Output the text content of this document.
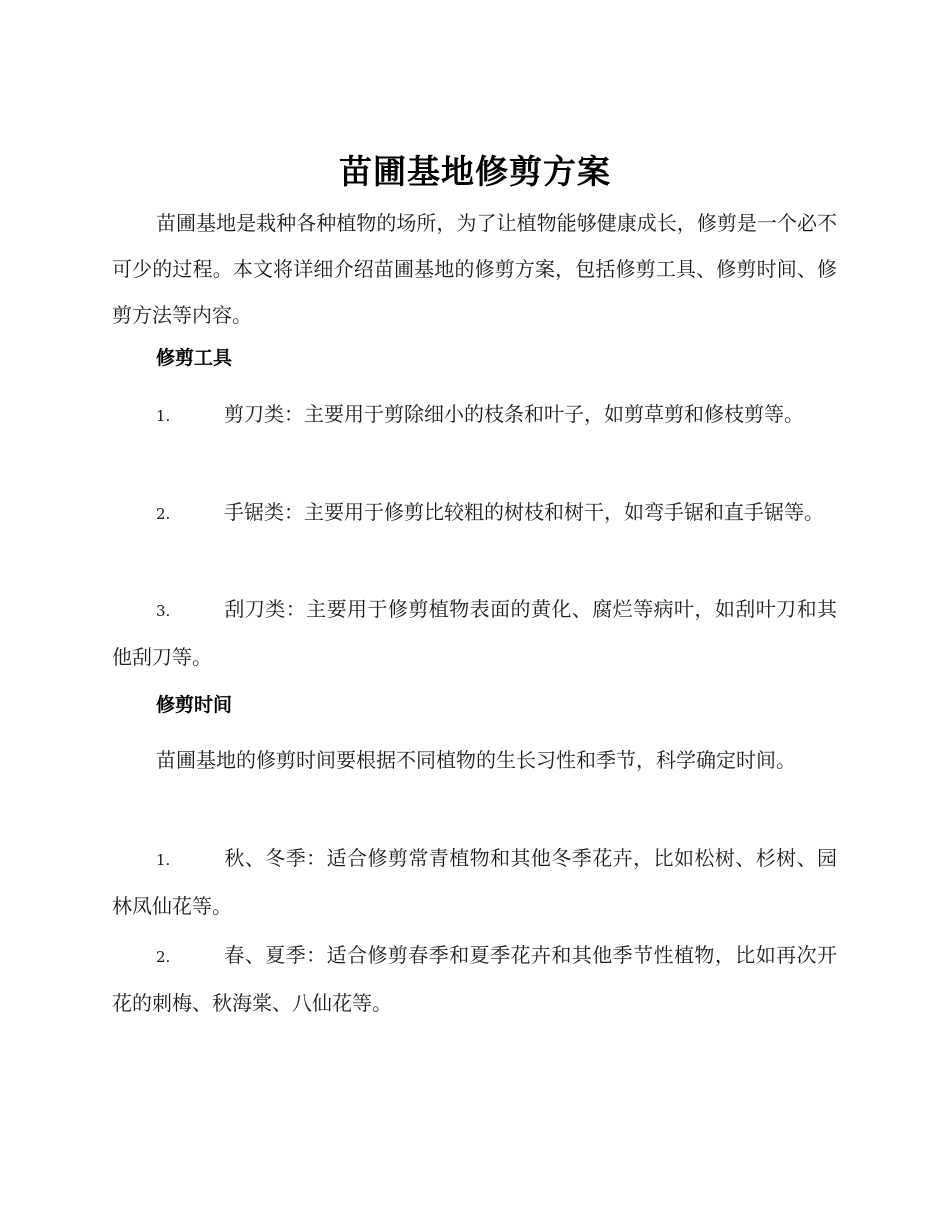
苗圃基地修剪方案

苗圃基地是栽种各种植物的场所，为了让植物能够健康成长，修剪是一个必不可少的过程。本文将详细介绍苗圃基地的修剪方案，包括修剪工具、修剪时间、修剪方法等内容。

修剪工具

1.	剪刀类：主要用于剪除细小的枝条和叶子，如剪草剪和修枝剪等。

2.	手锯类：主要用于修剪比较粗的树枝和树干，如弯手锯和直手锯等。

3.	刮刀类：主要用于修剪植物表面的黄化、腐烂等病叶，如刮叶刀和其他刮刀等。

修剪时间

苗圃基地的修剪时间要根据不同植物的生长习性和季节，科学确定时间。

1.	秋、冬季：适合修剪常青植物和其他冬季花卉，比如松树、杉树、园林凤仙花等。

2.	春、夏季：适合修剪春季和夏季花卉和其他季节性植物，比如再次开花的刺梅、秋海棠、八仙花等。
